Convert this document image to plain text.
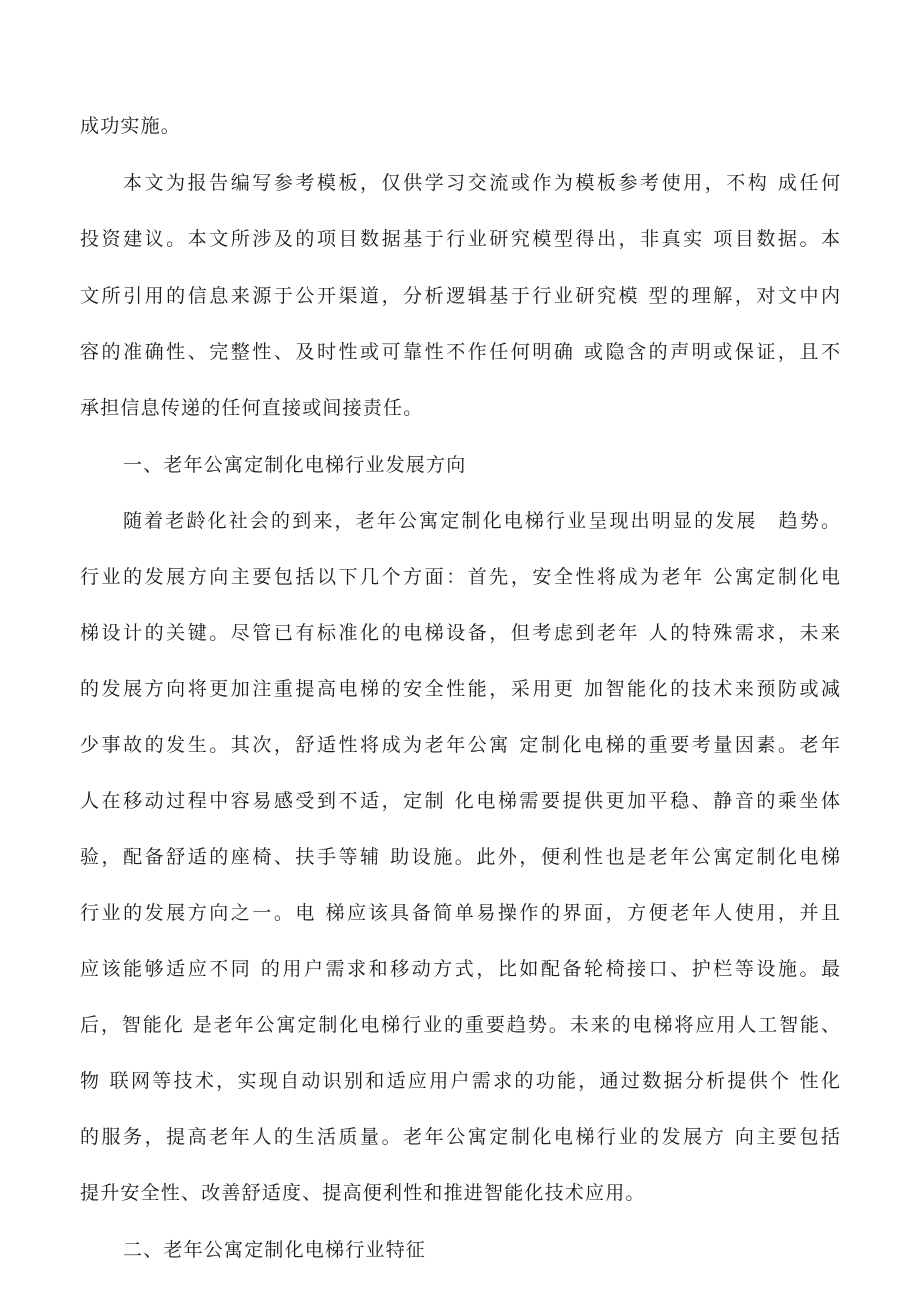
成功实施。

本文为报告编写参考模板，仅供学习交流或作为模板参考使用，不构 成任何

投资建议。本文所涉及的项目数据基于行业研究模型得出，非真实 项目数据。本

文所引用的信息来源于公开渠道，分析逻辑基于行业研究模 型的理解，对文中内

容的准确性、完整性、及时性或可靠性不作任何明确 或隐含的声明或保证，且不

承担信息传递的任何直接或间接责任。

一、老年公寓定制化电梯行业发展方向

随着老龄化社会的到来，老年公寓定制化电梯行业呈现出明显的发展　趋势。

行业的发展方向主要包括以下几个方面：首先，安全性将成为老年 公寓定制化电

梯设计的关键。尽管已有标准化的电梯设备，但考虑到老年 人的特殊需求，未来

的发展方向将更加注重提高电梯的安全性能，采用更 加智能化的技术来预防或减

少事故的发生。其次，舒适性将成为老年公寓 定制化电梯的重要考量因素。老年

人在移动过程中容易感受到不适，定制 化电梯需要提供更加平稳、静音的乘坐体

验，配备舒适的座椅、扶手等辅 助设施。此外，便利性也是老年公寓定制化电梯

行业的发展方向之一。电 梯应该具备简单易操作的界面，方便老年人使用，并且

应该能够适应不同 的用户需求和移动方式，比如配备轮椅接口、护栏等设施。最

后，智能化 是老年公寓定制化电梯行业的重要趋势。未来的电梯将应用人工智能、

物 联网等技术，实现自动识别和适应用户需求的功能，通过数据分析提供个 性化

的服务，提高老年人的生活质量。老年公寓定制化电梯行业的发展方 向主要包括

提升安全性、改善舒适度、提高便利性和推进智能化技术应用。

二、老年公寓定制化电梯行业特征
